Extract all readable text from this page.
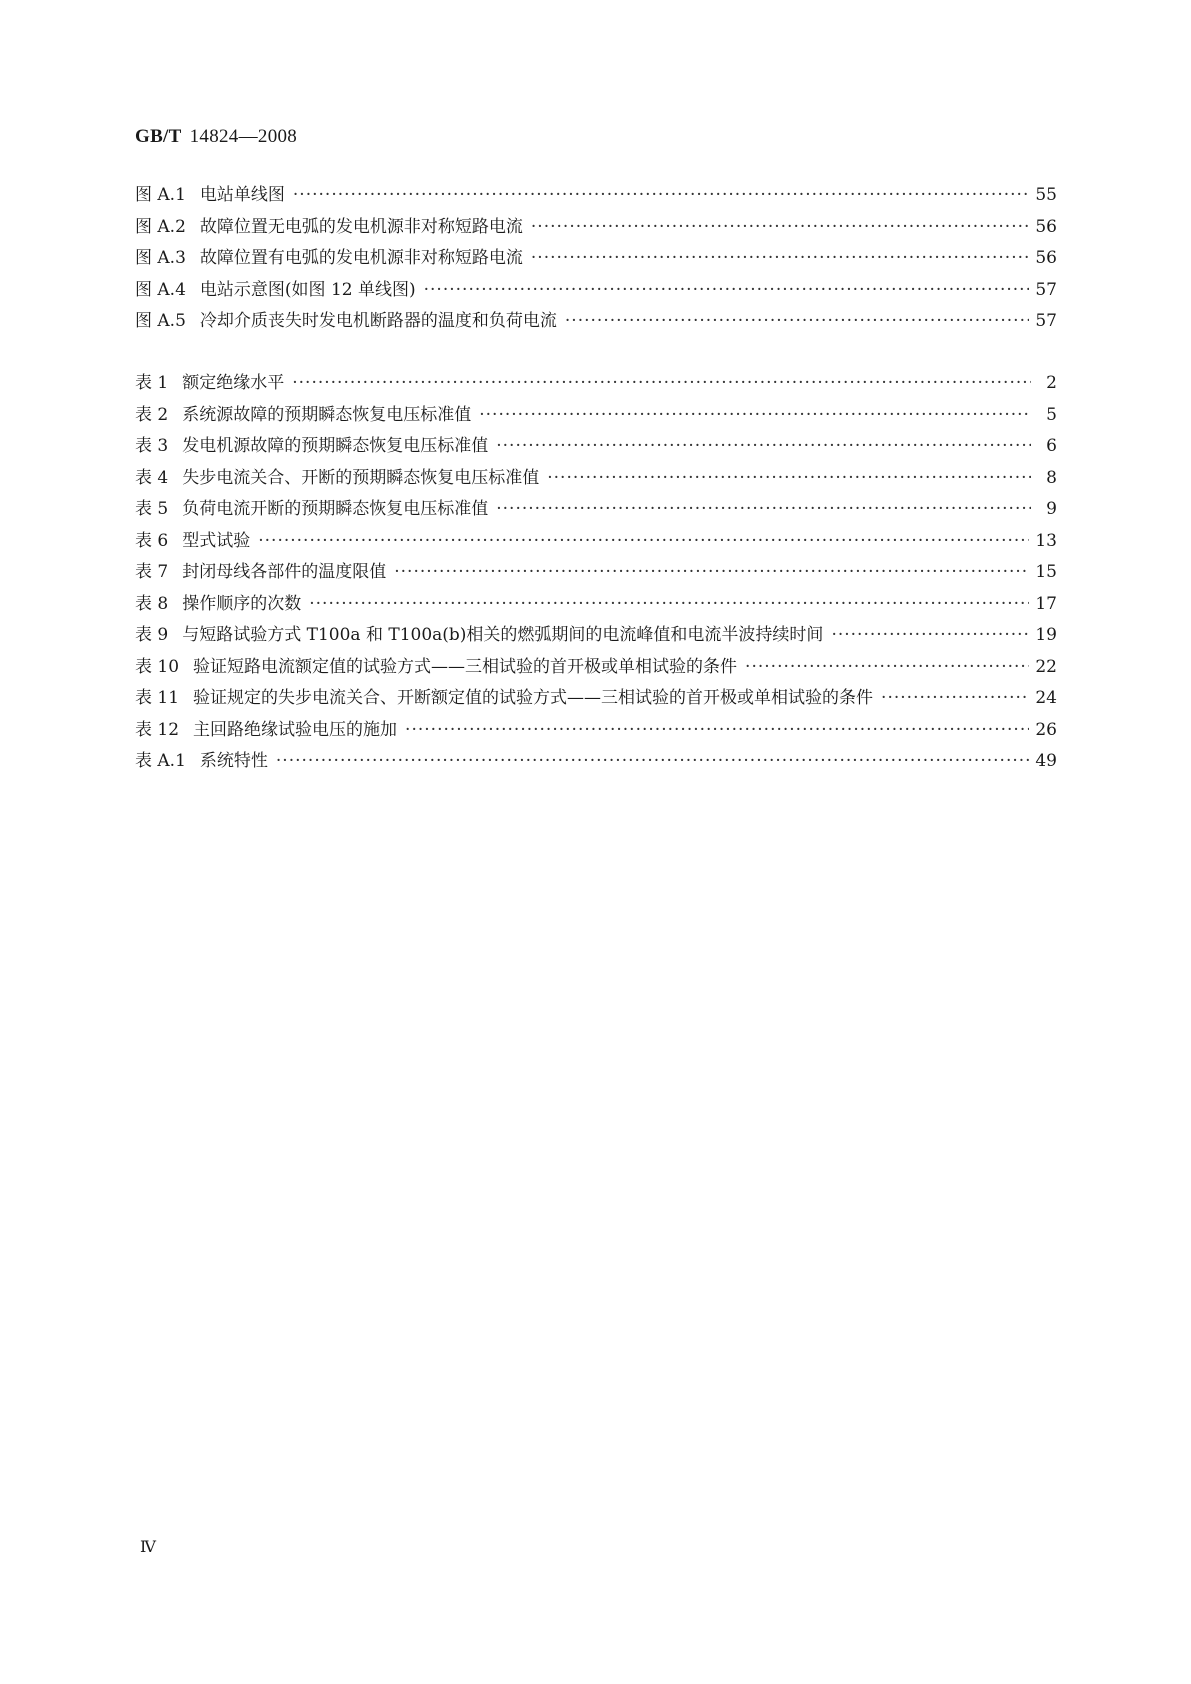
GB/T 14824—2008
图 A.1 电站单线图 ·····	55
图 A.2 故障位置无电弧的发电机源非对称短路电流 ·····	56
图 A.3 故障位置有电弧的发电机源非对称短路电流 ·····	56
图 A.4 电站示意图(如图 12 单线图) ·····	57
图 A.5 冷却介质丧失时发电机断路器的温度和负荷电流 ·····	57
表 1 额定绝缘水平 ·····	2
表 2 系统源故障的预期瞬态恢复电压标准值 ·····	5
表 3 发电机源故障的预期瞬态恢复电压标准值 ·····	6
表 4 失步电流关合、开断的预期瞬态恢复电压标准值 ·····	8
表 5 负荷电流开断的预期瞬态恢复电压标准值 ·····	9
表 6 型式试验 ·····	13
表 7 封闭母线各部件的温度限值 ·····	15
表 8 操作顺序的次数 ·····	17
表 9 与短路试验方式 T100a 和 T100a(b)相关的燃弧期间的电流峰值和电流半波持续时间 ·····	19
表 10 验证短路电流额定值的试验方式——三相试验的首开极或单相试验的条件 ·····	22
表 11 验证规定的失步电流关合、开断额定值的试验方式——三相试验的首开极或单相试验的条件 ·····	24
表 12 主回路绝缘试验电压的施加 ·····	26
表 A.1 系统特性 ·····	49
Ⅳ
